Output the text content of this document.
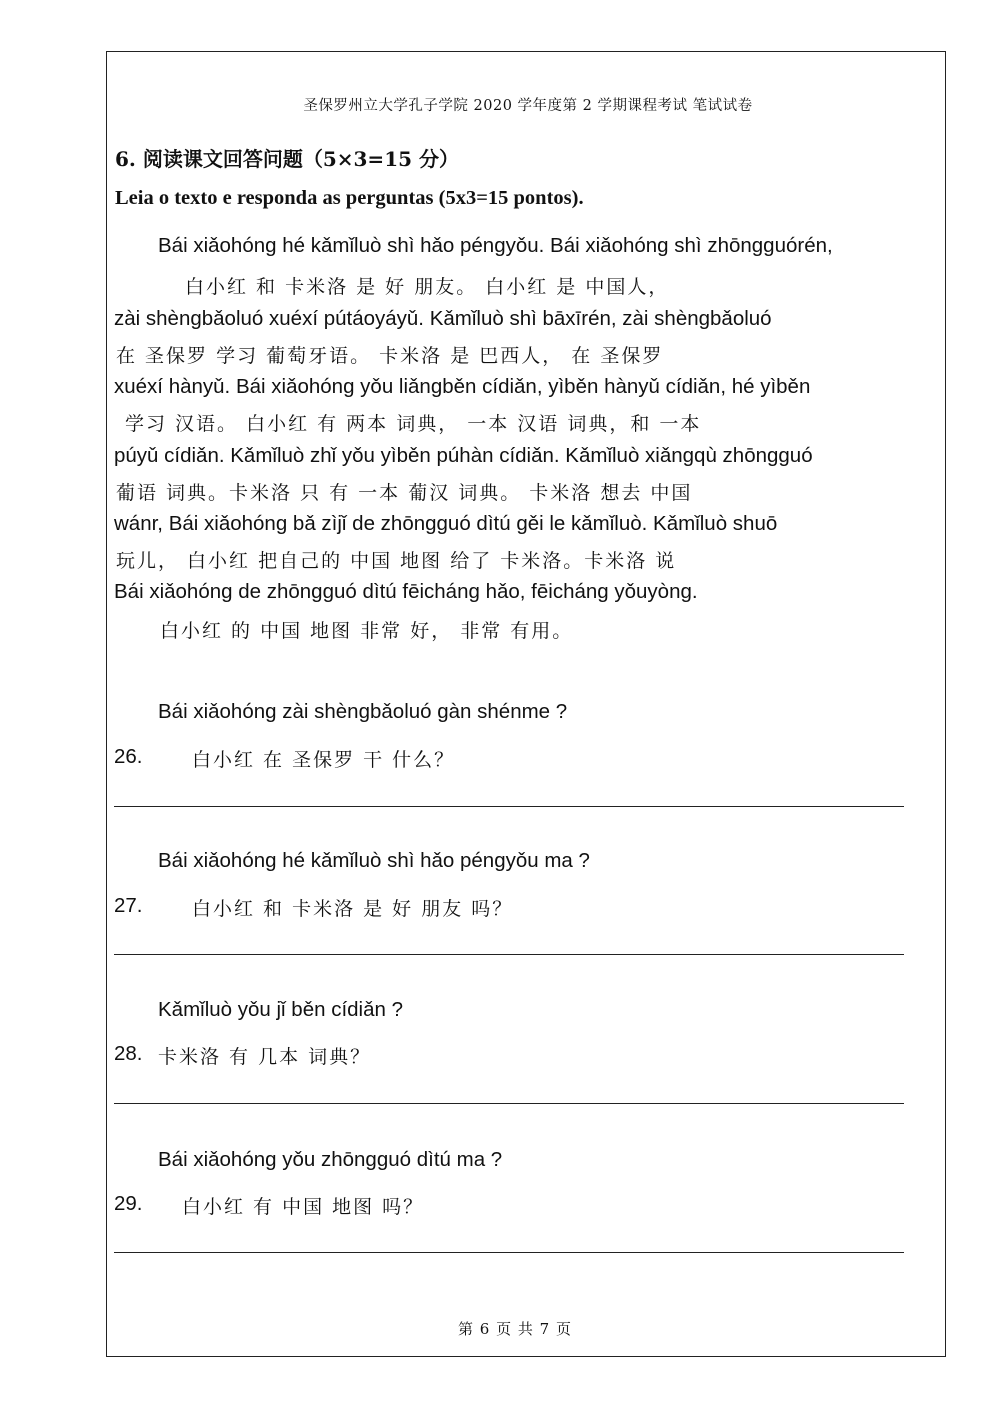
圣保罗州立大学孔子学院 2020 学年度第 2 学期课程考试 笔试试卷
6. 阅读课文回答问题（5×3=15 分）
Leia o texto e responda as perguntas (5x3=15 pontos).
Bái xiǎohóng hé kǎmǐluò shì hǎo péngyǒu. Bái xiǎohóng shì zhōngguórén,
白小红 和 卡米洛 是 好 朋友。 白小红 是 中国人，
zài shèngbǎoluó xuéxí pútáoyáyǔ. Kǎmǐluò shì bāxīrén, zài shèngbǎoluó
在 圣保罗 学习 葡萄牙语。 卡米洛 是 巴西人， 在 圣保罗
xuéxí hànyǔ. Bái xiǎohóng yǒu liǎngběn cídiǎn, yìběn hànyǔ cídiǎn, hé yìběn
学习 汉语。 白小红 有 两本 词典， 一本 汉语 词典，和 一本
púyǔ cídiǎn. Kǎmǐluò zhǐ yǒu yìběn púhàn cídiǎn. Kǎmǐluò xiǎngqù zhōngguó
葡语 词典。卡米洛 只 有 一本 葡汉 词典。 卡米洛 想去 中国
wánr, Bái xiǎohóng bǎ zìjǐ de zhōngguó dìtú gěi le kǎmǐluò. Kǎmǐluò shuō
玩儿， 白小红 把自己的 中国 地图 给了 卡米洛。卡米洛 说
Bái xiǎohóng de zhōngguó dìtú fēicháng hǎo, fēicháng yǒuyòng.
白小红 的 中国 地图 非常 好， 非常 有用。
Bái xiǎohóng zài shèngbǎoluó gàn shénme ?
26.	白小红 在 圣保罗 干 什么？
Bái xiǎohóng hé kǎmǐluò shì hǎo péngyǒu ma ?
27.	白小红 和 卡米洛 是 好 朋友 吗？
Kǎmǐluò yǒu jǐ běn cídiǎn ?
28. 卡米洛 有 几本 词典？
Bái xiǎohóng yǒu zhōngguó dìtú ma ?
29. 白小红 有 中国 地图 吗？
第 6 页 共 7 页
